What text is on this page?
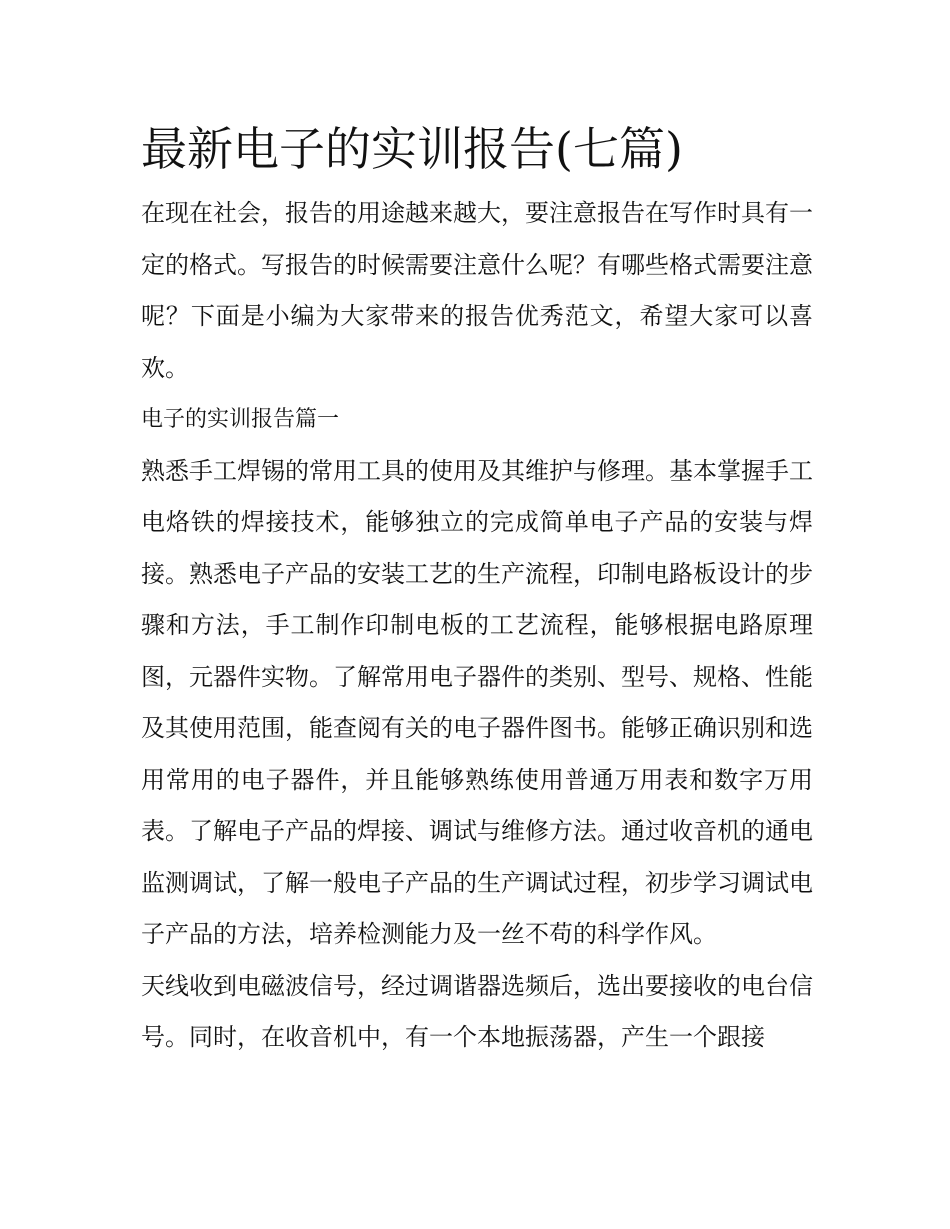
最新电子的实训报告(七篇)

在现在社会，报告的用途越来越大，要注意报告在写作时具有一定的格式。写报告的时候需要注意什么呢？有哪些格式需要注意呢？下面是小编为大家带来的报告优秀范文，希望大家可以喜欢。

电子的实训报告篇一

熟悉手工焊锡的常用工具的使用及其维护与修理。基本掌握手工电烙铁的焊接技术，能够独立的完成简单电子产品的安装与焊接。熟悉电子产品的安装工艺的生产流程，印制电路板设计的步骤和方法，手工制作印制电板的工艺流程，能够根据电路原理图，元器件实物。了解常用电子器件的类别、型号、规格、性能及其使用范围，能查阅有关的电子器件图书。能够正确识别和选用常用的电子器件，并且能够熟练使用普通万用表和数字万用表。了解电子产品的焊接、调试与维修方法。通过收音机的通电监测调试，了解一般电子产品的生产调试过程，初步学习调试电子产品的方法，培养检测能力及一丝不苟的科学作风。

天线收到电磁波信号，经过调谐器选频后，选出要接收的电台信号。同时，在收音机中，有一个本地振荡器，产生一个跟接
